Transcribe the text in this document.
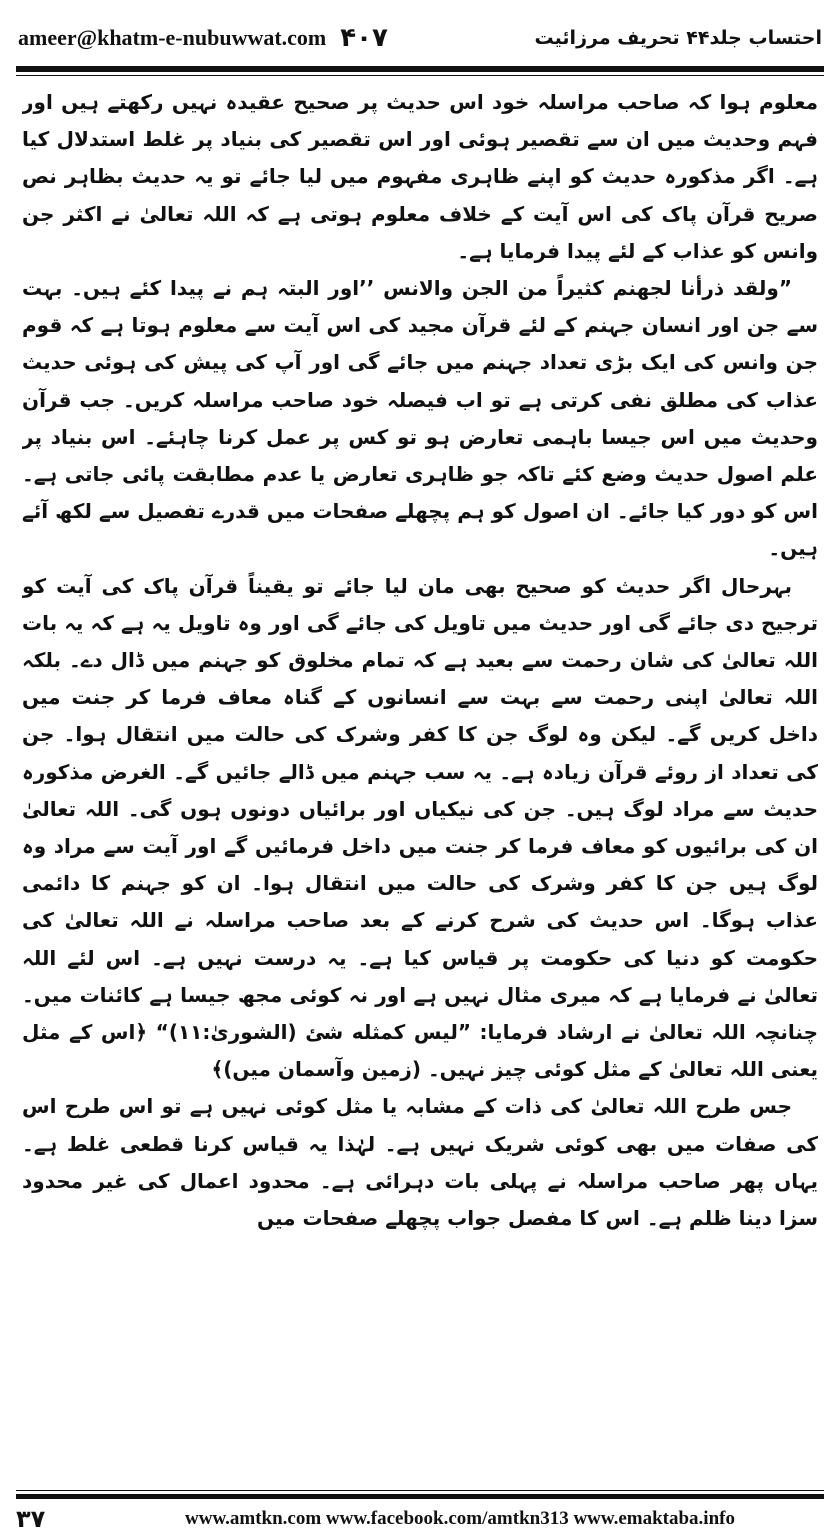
ameer@khatm-e-nubuwwat.com ۴۰۷	احتساب جلد۴۴ تحریف مرزائیت

معلوم ہوا کہ صاحب مراسلہ خود اس حدیث پر صحیح عقیدہ نہیں رکھتے ہیں اور فہم وحدیث میں ان سے تقصیر ہوئی اور اس تقصیر کی بنیاد پر غلط استدلال کیا ہے۔ اگر مذکورہ حدیث کو اپنے ظاہری مفہوم میں لیا جائے تو یہ حدیث بظاہر نص صریح قرآن پاک کی اس آیت کے خلاف معلوم ہوتی ہے کہ اللہ تعالیٰ نے اکثر جن وانس کو عذاب کے لئے پیدا فرمایا ہے۔

”ولقد ذرأنا لجهنم كثيراً من الجن والانس ’’اور البتہ ہم نے پیدا کئے ہیں۔ بہت سے جن اور انسان جہنم کے لئے قرآن مجید کی اس آیت سے معلوم ہوتا ہے کہ قوم جن وانس کی ایک بڑی تعداد جہنم میں جائے گی اور آپ کی پیش کی ہوئی حدیث عذاب کی مطلق نفی کرتی ہے تو اب فیصلہ خود صاحب مراسلہ کریں۔ جب قرآن وحدیث میں اس جیسا باہمی تعارض ہو تو کس پر عمل کرنا چاہئے۔ اس بنیاد پر علم اصول حدیث وضع کئے تاکہ جو ظاہری تعارض یا عدم مطابقت پائی جاتی ہے۔ اس کو دور کیا جائے۔ ان اصول کو ہم پچھلے صفحات میں قدرے تفصیل سے لکھ آئے ہیں۔

بہرحال اگر حدیث کو صحیح بھی مان لیا جائے تو یقیناً قرآن پاک کی آیت کو ترجیح دی جائے گی اور حدیث میں تاویل کی جائے گی اور وہ تاویل یہ ہے کہ یہ بات اللہ تعالیٰ کی شان رحمت سے بعید ہے کہ تمام مخلوق کو جہنم میں ڈال دے۔ بلکہ اللہ تعالیٰ اپنی رحمت سے بہت سے انسانوں کے گناہ معاف فرما کر جنت میں داخل کریں گے۔ لیکن وہ لوگ جن کا کفر وشرک کی حالت میں انتقال ہوا۔ جن کی تعداد از روئے قرآن زیادہ ہے۔ یہ سب جہنم میں ڈالے جائیں گے۔ الغرض مذکورہ حدیث سے مراد لوگ ہیں۔ جن کی نیکیاں اور برائیاں دونوں ہوں گی۔ اللہ تعالیٰ ان کی برائیوں کو معاف فرما کر جنت میں داخل فرمائیں گے اور آیت سے مراد وہ لوگ ہیں جن کا کفر وشرک کی حالت میں انتقال ہوا۔ ان کو جہنم کا دائمی عذاب ہوگا۔ اس حدیث کی شرح کرنے کے بعد صاحب مراسلہ نے اللہ تعالیٰ کی حکومت کو دنیا کی حکومت پر قیاس کیا ہے۔ یہ درست نہیں ہے۔ اس لئے اللہ تعالیٰ نے فرمایا ہے کہ میری مثال نہیں ہے اور نہ کوئی مجھ جیسا ہے کائنات میں۔ چنانچہ اللہ تعالیٰ نے ارشاد فرمایا: ”ليس كمثله شئ (الشوریٰ:۱۱)“ ﴿اس کے مثل یعنی اللہ تعالیٰ کے مثل کوئی چیز نہیں۔ (زمین وآسمان میں)﴾

جس طرح اللہ تعالیٰ کی ذات کے مشابہ یا مثل کوئی نہیں ہے تو اس طرح اس کی صفات میں بھی کوئی شریک نہیں ہے۔ لہٰذا یہ قیاس کرنا قطعی غلط ہے۔ یہاں پھر صاحب مراسلہ نے پہلی بات دہرائی ہے۔ محدود اعمال کی غیر محدود سزا دینا ظلم ہے۔ اس کا مفصل جواب پچھلے صفحات میں

۳۷	www.amtkn.com www.facebook.com/amtkn313 www.emaktaba.info
